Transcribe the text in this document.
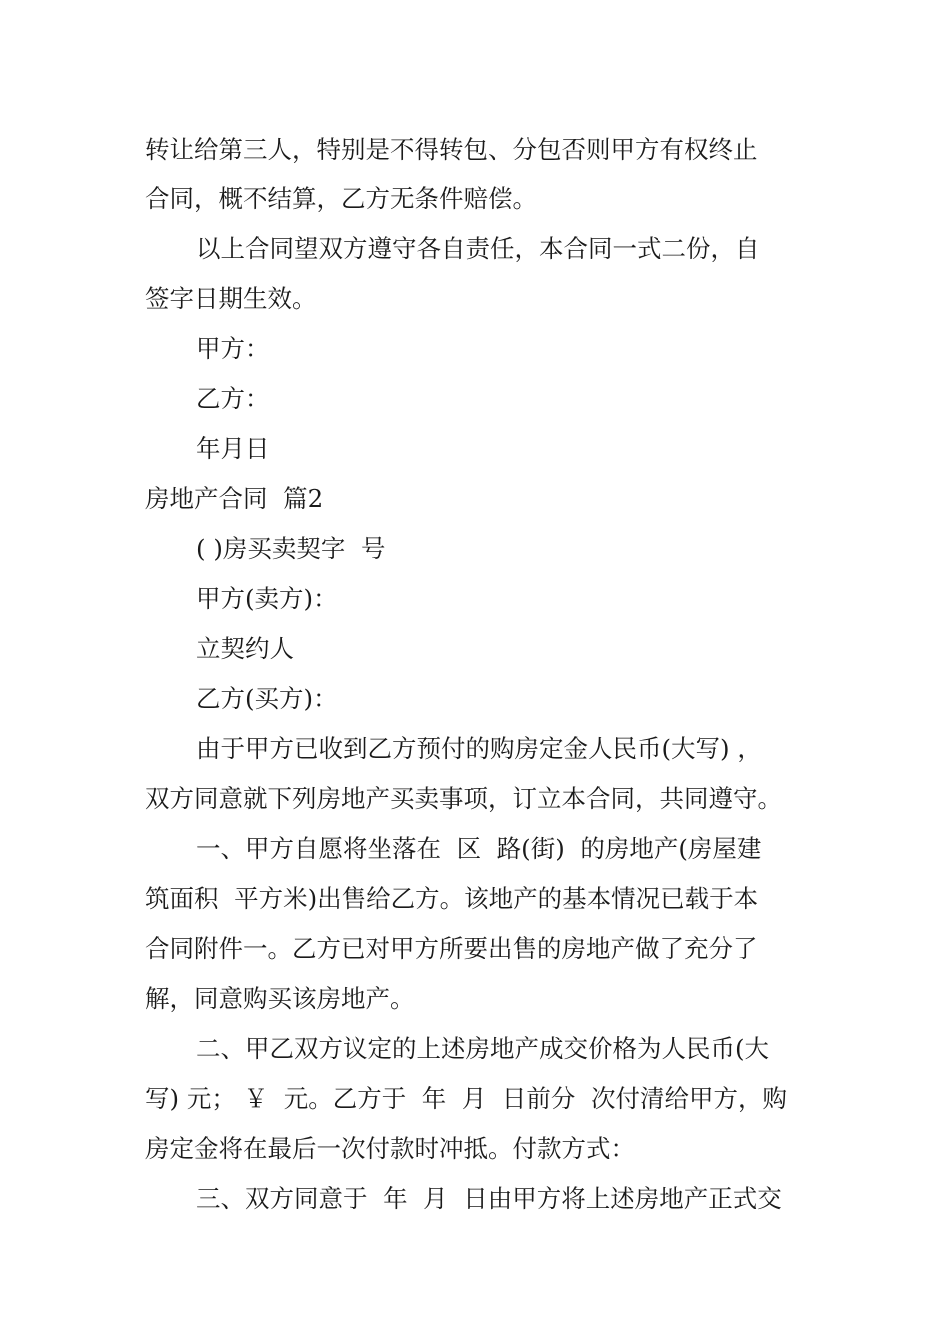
转让给第三人，特别是不得转包、分包否则甲方有权终止

合同，概不结算，乙方无条件赔偿。

以上合同望双方遵守各自责任，本合同一式二份，自

签字日期生效。

甲方：

乙方：

年月日

房地产合同  篇2

( )房买卖契字  号

甲方(卖方)：

立契约人

乙方(买方)：

由于甲方已收到乙方预付的购房定金人民币(大写) ，

双方同意就下列房地产买卖事项，订立本合同，共同遵守。

一、甲方自愿将坐落在  区  路(街)  的房地产(房屋建

筑面积  平方米)出售给乙方。该地产的基本情况已载于本

合同附件一。乙方已对甲方所要出售的房地产做了充分了

解，同意购买该房地产。

二、甲乙双方议定的上述房地产成交价格为人民币(大

写) 元； ￥  元。乙方于  年  月  日前分  次付清给甲方，购

房定金将在最后一次付款时冲抵。付款方式：

三、双方同意于  年  月  日由甲方将上述房地产正式交
